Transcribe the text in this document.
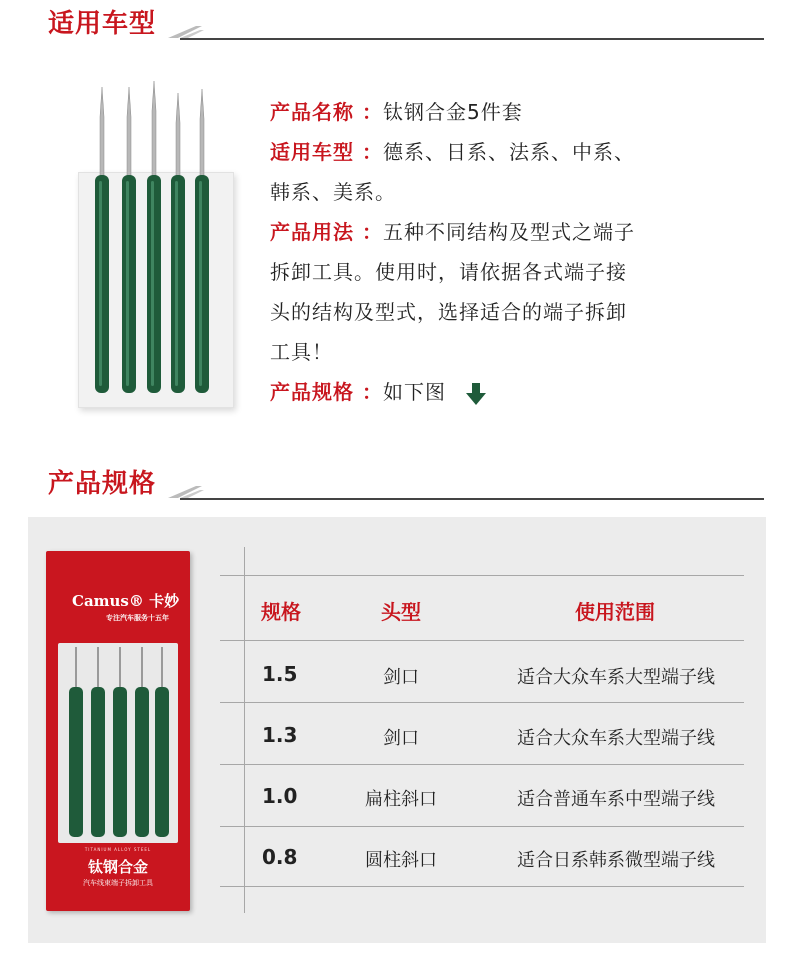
适用车型
产品名称 ：钛钢合金5件套
适用车型 ：德系、日系、法系、中系、
韩系、美系。
产品用法 ：五种不同结构及型式之端子
拆卸工具。使用时，请依据各式端子接
头的结构及型式，选择适合的端子拆卸
工具！
产品规格 ：如下图
产品规格
Camus® 卡妙
专注汽车服务十五年
TITANIUM ALLOY STEEL
钛钢合金
汽车线束端子拆卸工具
规格	头型	使用范围
1.5	剑口	适合大众车系大型端子线
1.3	剑口	适合大众车系大型端子线
1.0	扁柱斜口	适合普通车系中型端子线
0.8	圆柱斜口	适合日系韩系微型端子线
